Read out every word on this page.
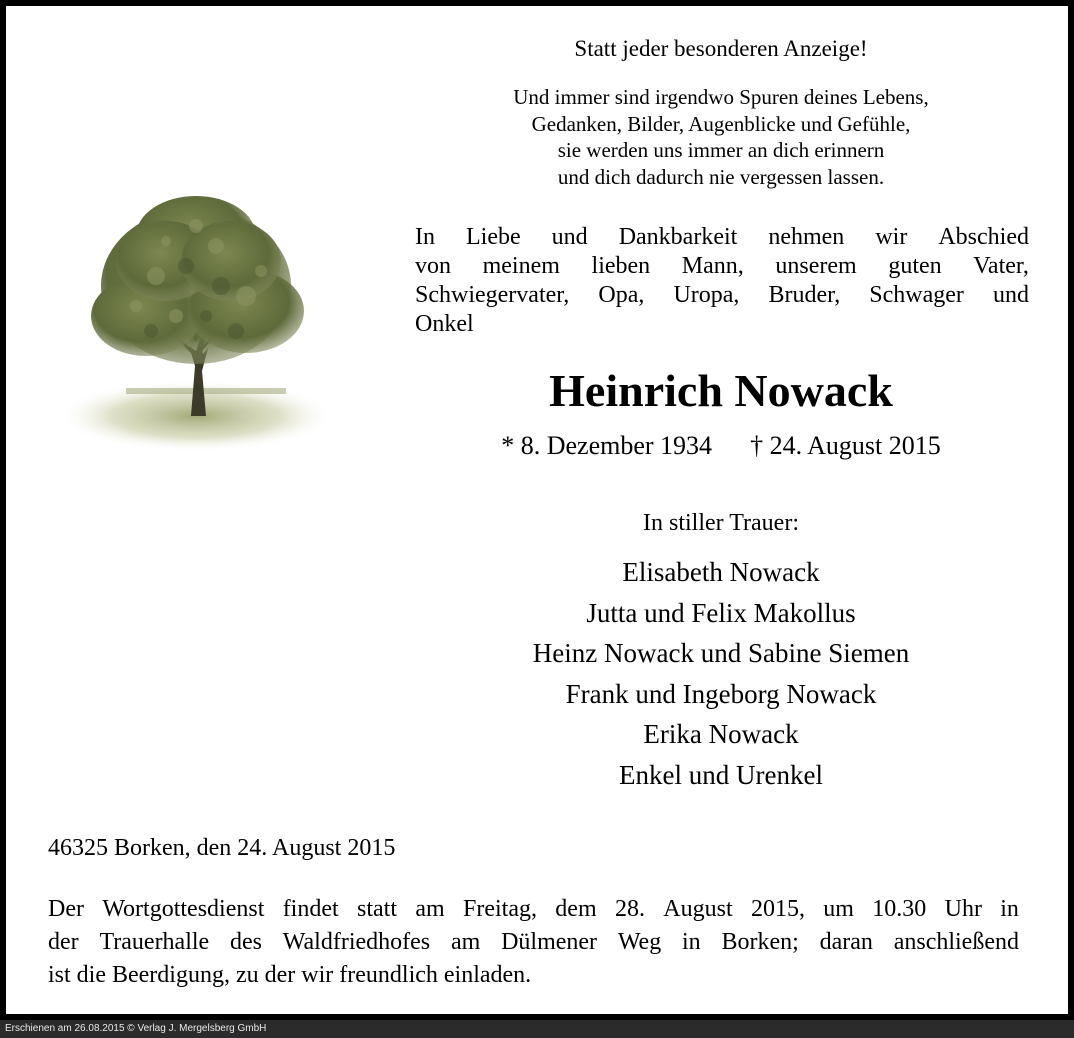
Statt jeder besonderen Anzeige!
Und immer sind irgendwo Spuren deines Lebens,
Gedanken, Bilder, Augenblicke und Gefühle,
sie werden uns immer an dich erinnern
und dich dadurch nie vergessen lassen.
In Liebe und Dankbarkeit nehmen wir Abschied
von meinem lieben Mann, unserem guten Vater,
Schwiegervater, Opa, Uropa, Bruder, Schwager und
Onkel
Heinrich Nowack
* 8. Dezember 1934 † 24. August 2015
In stiller Trauer:
Elisabeth Nowack
Jutta und Felix Makollus
Heinz Nowack und Sabine Siemen
Frank und Ingeborg Nowack
Erika Nowack
Enkel und Urenkel
46325 Borken, den 24. August 2015
Der Wortgottesdienst findet statt am Freitag, dem 28. August 2015, um 10.30 Uhr in
der Trauerhalle des Waldfriedhofes am Dülmener Weg in Borken; daran anschließend
ist die Beerdigung, zu der wir freundlich einladen.
Erschienen am 26.08.2015 © Verlag J. Mergelsberg GmbH
